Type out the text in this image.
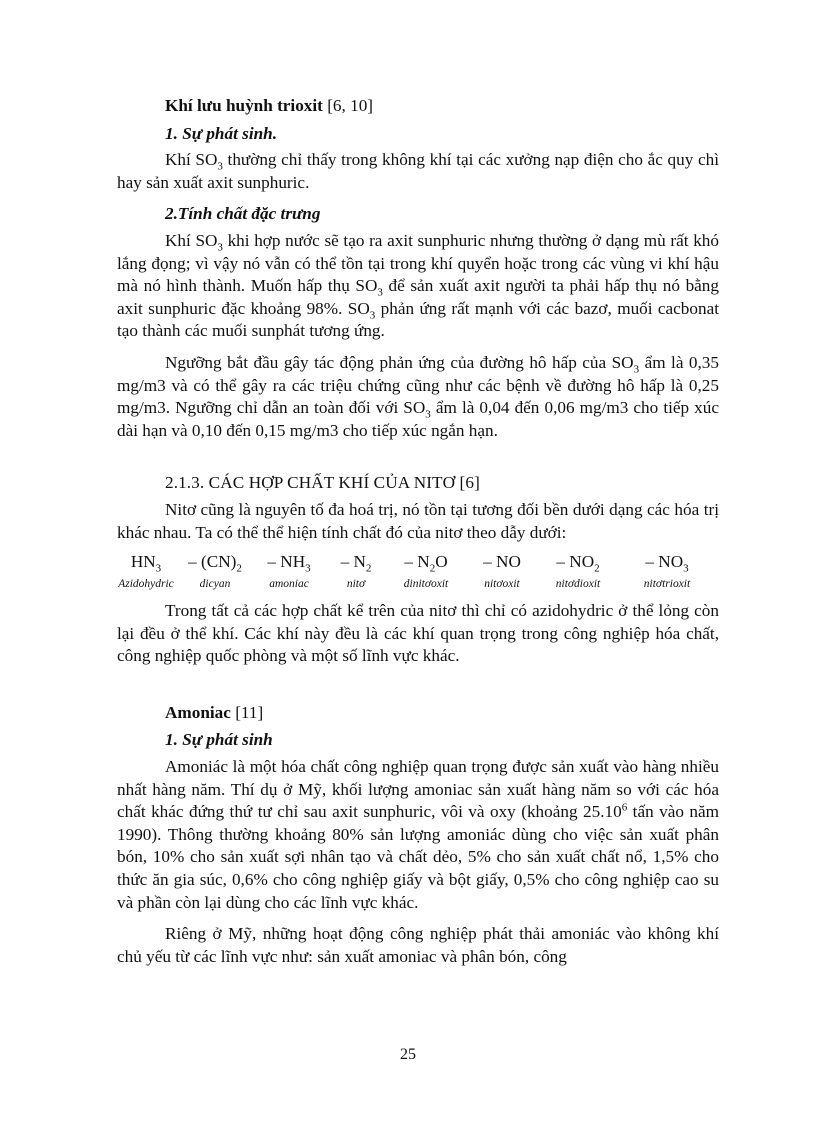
Khí lưu huỳnh trioxit [6, 10]

1. Sự phát sinh.

Khí $SO_3$ thường chỉ thấy trong không khí tại các xưởng nạp điện cho ắc quy chì hay sản xuất axit sunphuric.

2.Tính chất đặc trưng

Khí $SO_3$ khi hợp nước sẽ tạo ra axit sunphuric nhưng thường ở dạng mù rất khó lắng đọng; vì vậy nó vẫn có thể tồn tại trong khí quyển hoặc trong các vùng vi khí hậu mà nó hình thành. Muốn hấp thụ $SO_3$ để sản xuất axit người ta phải hấp thụ nó bằng axit sunphuric đặc khoảng 98%. $SO_3$ phản ứng rất mạnh với các bazơ, muối cacbonat tạo thành các muối sunphát tương ứng.

Ngưỡng bắt đầu gây tác động phản ứng của đường hô hấp của $SO_3$ ẩm là 0,35 mg/m3 và có thể gây ra các triệu chứng cũng như các bệnh về đường hô hấp là 0,25 mg/m3. Ngưỡng chỉ dẫn an toàn đối với $SO_3$ ẩm là 0,04 đến 0,06 mg/m3 cho tiếp xúc dài hạn và 0,10 đến 0,15 mg/m3 cho tiếp xúc ngắn hạn.

2.1.3. CÁC HỢP CHẤT KHÍ CỦA NITƠ [6]

Nitơ cũng là nguyên tố đa hoá trị, nó tồn tại tương đối bền dưới dạng các hóa trị khác nhau. Ta có thể thể hiện tính chất đó của nitơ theo dẫy dưới:

$HN_3$	– $(CN)_2$	– $NH_3$	– $N_2$	– $N_2O$	– NO	– $NO_2$	– $NO_3$
Azidohydric	dicyan	amoniac	nitơ	dinitơoxit	nitơoxit	nitơdioxit	nitơtrioxit

Trong tất cả các hợp chất kể trên của nitơ thì chỉ có azidohydric ở thể lỏng còn lại đều ở thể khí. Các khí này đều là các khí quan trọng trong công nghiệp hóa chất, công nghiệp quốc phòng và một số lĩnh vực khác.

Amoniac [11]

1. Sự phát sinh

Amoniác là một hóa chất công nghiệp quan trọng được sản xuất vào hàng nhiều nhất hàng năm. Thí dụ ở Mỹ, khối lượng amoniac sản xuất hàng năm so với các hóa chất khác đứng thứ tư chỉ sau axit sunphuric, vôi và oxy (khoảng 25.10$^6$ tấn vào năm 1990). Thông thường khoảng 80% sản lượng amoniác dùng cho việc sản xuất phân bón, 10% cho sản xuất sợi nhân tạo và chất dẻo, 5% cho sản xuất chất nổ, 1,5% cho thức ăn gia súc, 0,6% cho công nghiệp giấy và bột giấy, 0,5% cho công nghiệp cao su và phần còn lại dùng cho các lĩnh vực khác.

Riêng ở Mỹ, những hoạt động công nghiệp phát thải amoniác vào không khí chủ yếu từ các lĩnh vực như: sản xuất amoniac và phân bón, công

25
